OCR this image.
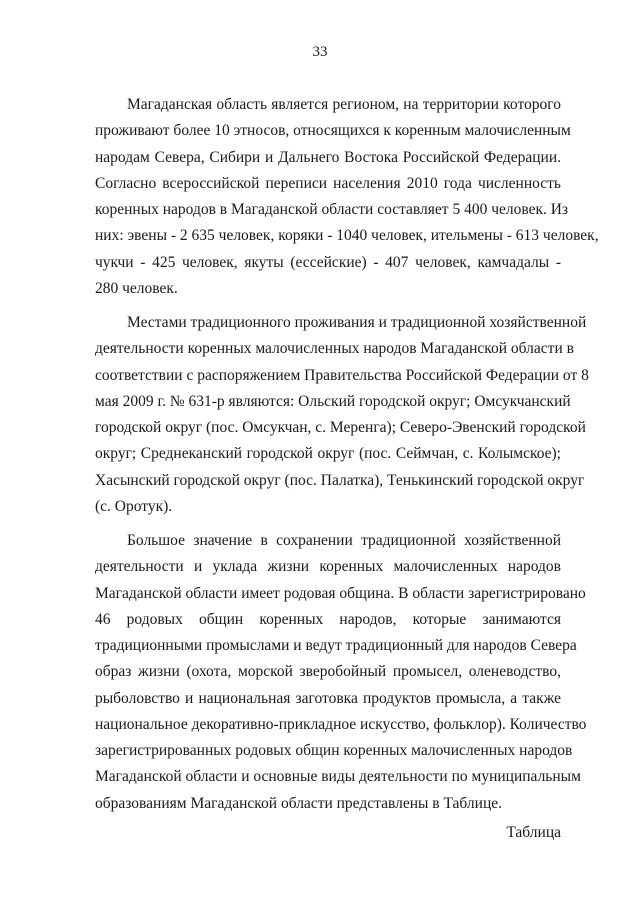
33
Магаданская область является регионом, на территории которого
проживают более 10 этносов, относящихся к коренным малочисленным
народам Севера, Сибири и Дальнего Востока Российской Федерации.
Согласно всероссийской переписи населения 2010 года численность
коренных народов в Магаданской области составляет 5 400 человек. Из
них: эвены - 2 635 человек, коряки - 1040 человек, ительмены - 613 человек,
чукчи - 425 человек, якуты (ессейские) - 407 человек, камчадалы -
280 человек.
Местами традиционного проживания и традиционной хозяйственной
деятельности коренных малочисленных народов Магаданской области в
соответствии с распоряжением Правительства Российской Федерации от 8
мая 2009 г. № 631-р являются: Ольский городской округ; Омсукчанский
городской округ (пос. Омсукчан, с. Меренга); Северо-Эвенский городской
округ; Среднеканский городской округ (пос. Сеймчан, с. Колымское);
Хасынский городской округ (пос. Палатка), Тенькинский городской округ
(с. Оротук).
Большое значение в сохранении традиционной хозяйственной
деятельности и уклада жизни коренных малочисленных народов
Магаданской области имеет родовая община. В области зарегистрировано
46 родовых общин коренных народов, которые занимаются
традиционными промыслами и ведут традиционный для народов Севера
образ жизни (охота, морской зверобойный промысел, оленеводство,
рыболовство и национальная заготовка продуктов промысла, а также
национальное декоративно-прикладное искусство, фольклор). Количество
зарегистрированных родовых общин коренных малочисленных народов
Магаданской области и основные виды деятельности по муниципальным
образованиям Магаданской области представлены в Таблице.
Таблица
